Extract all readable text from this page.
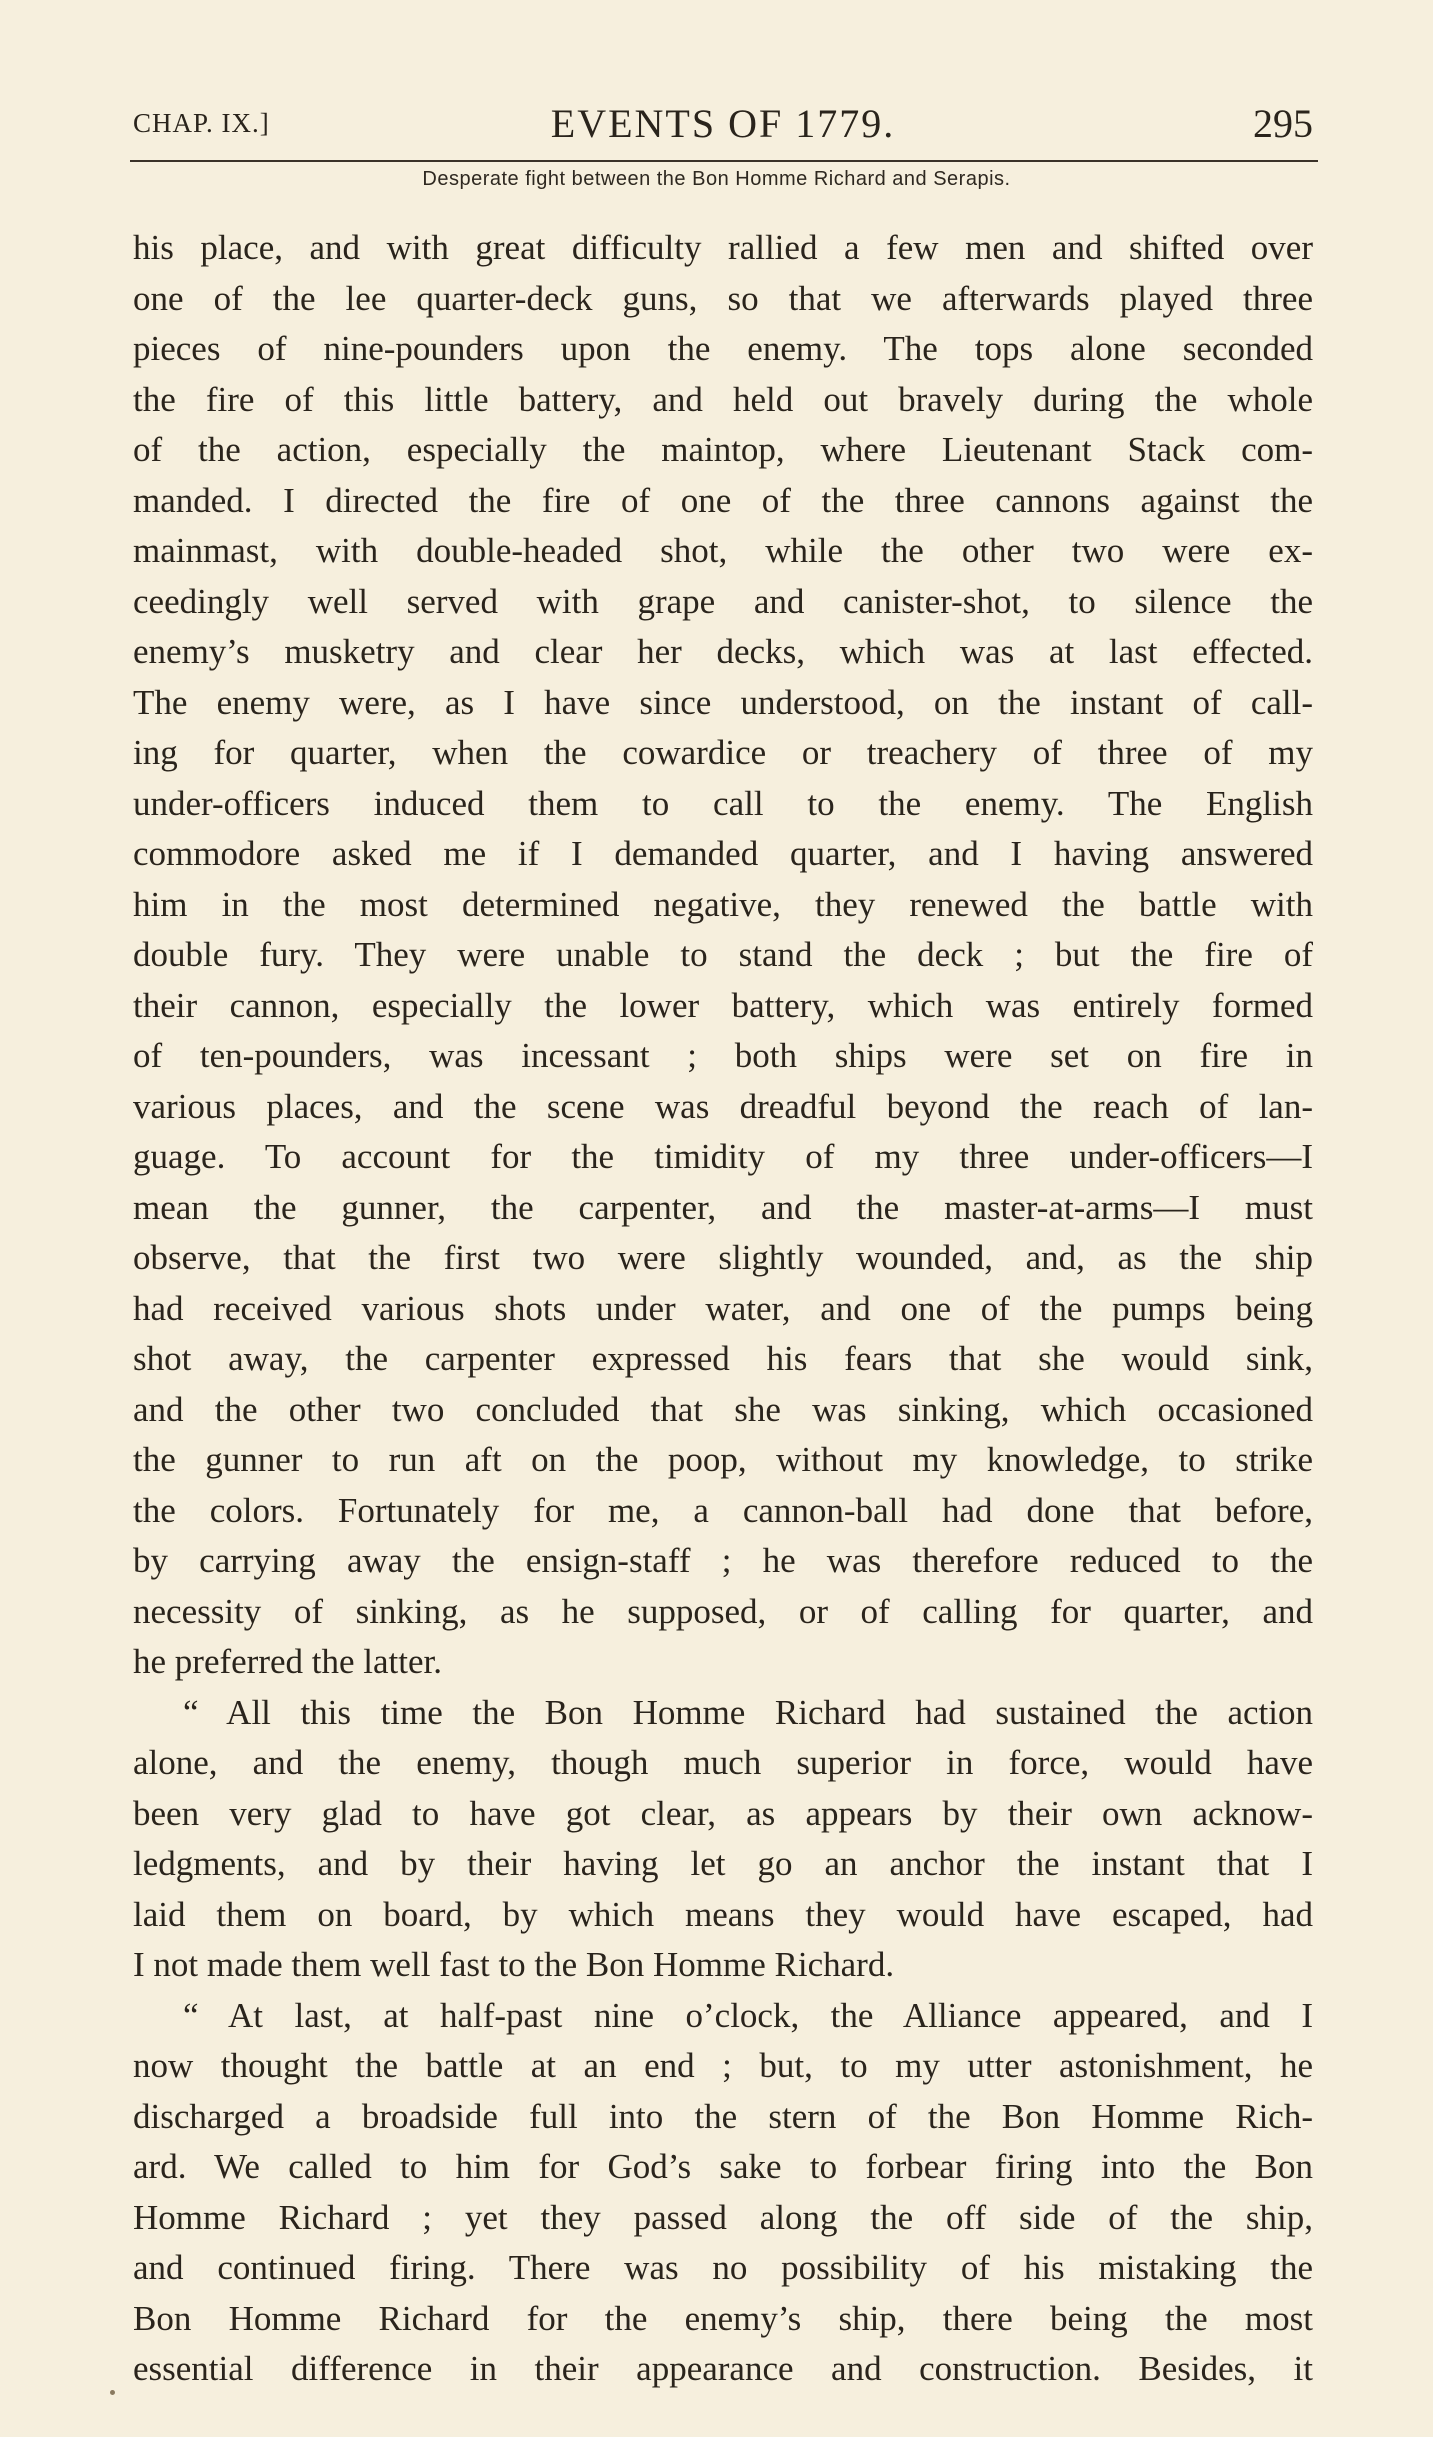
CHAP. IX.]	EVENTS OF 1779.	295
Desperate fight between the Bon Homme Richard and Serapis.
his place, and with great difficulty rallied a few men and shifted over
one of the lee quarter-deck guns, so that we afterwards played three
pieces of nine-pounders upon the enemy. The tops alone seconded
the fire of this little battery, and held out bravely during the whole
of the action, especially the maintop, where Lieutenant Stack com-
manded. I directed the fire of one of the three cannons against the
mainmast, with double-headed shot, while the other two were ex-
ceedingly well served with grape and canister-shot, to silence the
enemy’s musketry and clear her decks, which was at last effected.
The enemy were, as I have since understood, on the instant of call-
ing for quarter, when the cowardice or treachery of three of my
under-officers induced them to call to the enemy. The English
commodore asked me if I demanded quarter, and I having answered
him in the most determined negative, they renewed the battle with
double fury. They were unable to stand the deck ; but the fire of
their cannon, especially the lower battery, which was entirely formed
of ten-pounders, was incessant ; both ships were set on fire in
various places, and the scene was dreadful beyond the reach of lan-
guage. To account for the timidity of my three under-officers—I
mean the gunner, the carpenter, and the master-at-arms—I must
observe, that the first two were slightly wounded, and, as the ship
had received various shots under water, and one of the pumps being
shot away, the carpenter expressed his fears that she would sink,
and the other two concluded that she was sinking, which occasioned
the gunner to run aft on the poop, without my knowledge, to strike
the colors. Fortunately for me, a cannon-ball had done that before,
by carrying away the ensign-staff ; he was therefore reduced to the
necessity of sinking, as he supposed, or of calling for quarter, and
he preferred the latter.
“ All this time the Bon Homme Richard had sustained the action
alone, and the enemy, though much superior in force, would have
been very glad to have got clear, as appears by their own acknow-
ledgments, and by their having let go an anchor the instant that I
laid them on board, by which means they would have escaped, had
I not made them well fast to the Bon Homme Richard.
“ At last, at half-past nine o’clock, the Alliance appeared, and I
now thought the battle at an end ; but, to my utter astonishment, he
discharged a broadside full into the stern of the Bon Homme Rich-
ard. We called to him for God’s sake to forbear firing into the Bon
Homme Richard ; yet they passed along the off side of the ship,
and continued firing. There was no possibility of his mistaking the
Bon Homme Richard for the enemy’s ship, there being the most
essential difference in their appearance and construction. Besides, it
